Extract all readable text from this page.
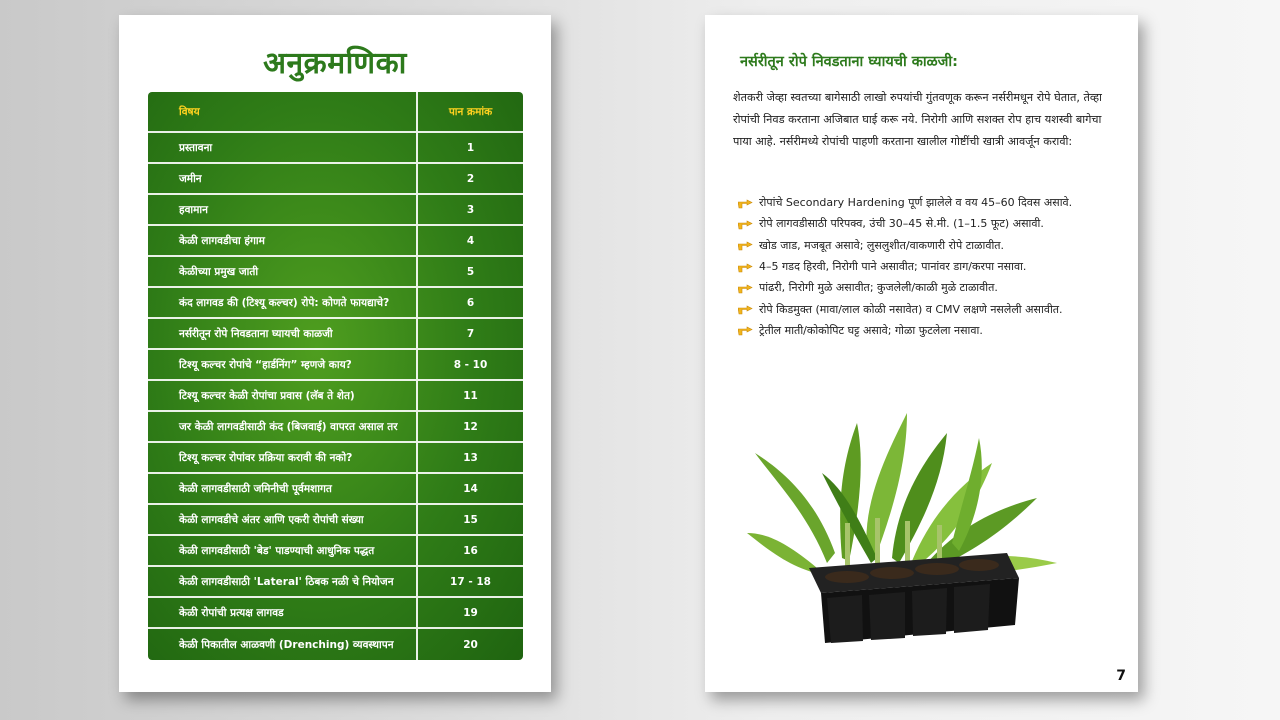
अनुक्रमणिका
विषय	पान क्रमांक
प्रस्तावना	1
जमीन	2
हवामान	3
केळी लागवडीचा हंगाम	4
केळीच्या प्रमुख जाती	5
कंद लागवड की (टिश्यू कल्चर) रोपे: कोणते फायद्याचे?	6
नर्सरीतून रोपे निवडताना घ्यायची काळजी	7
टिश्यू कल्चर रोपांचे “हार्डनिंग” म्हणजे काय?	8 - 10
टिश्यू कल्चर केळी रोपांचा प्रवास (लॅब ते शेत)	11
जर केळी लागवडीसाठी कंद (बिजवाई) वापरत असाल तर	12
टिश्यू कल्चर रोपांवर प्रक्रिया करावी की नको?	13
केळी लागवडीसाठी जमिनीची पूर्वमशागत	14
केळी लागवडीचे अंतर आणि एकरी रोपांची संख्या	15
केळी लागवडीसाठी 'बेड' पाडण्याची आधुनिक पद्धत	16
केळी लागवडीसाठी 'Lateral' ठिबक नळी चे नियोजन	17 - 18
केळी रोपांची प्रत्यक्ष लागवड	19
केळी पिकातील आळवणी (Drenching) व्यवस्थापन	20
नर्सरीतून रोपे निवडताना घ्यायची काळजी:
शेतकरी जेव्हा स्वतच्या बागेसाठी लाखो रुपयांची गुंतवणूक करून नर्सरीमधून रोपे घेतात, तेव्हा रोपांची निवड करताना अजिबात घाई करू नये. निरोगी आणि सशक्त रोप हाच यशस्वी बागेचा पाया आहे. नर्सरीमध्ये रोपांची पाहणी करताना खालील गोष्टींची खात्री आवर्जून करावी:
रोपांचे Secondary Hardening पूर्ण झालेले व वय 45–60 दिवस असावे.
रोपे लागवडीसाठी परिपक्व, उंची 30–45 से.मी. (1–1.5 फूट) असावी.
खोड जाड, मजबूत असावे; लुसलुशीत/वाकणारी रोपे टाळावीत.
4–5 गडद हिरवी, निरोगी पाने असावीत; पानांवर डाग/करपा नसावा.
पांढरी, निरोगी मुळे असावीत; कुजलेली/काळी मुळे टाळावीत.
रोपे किडमुक्त (मावा/लाल कोळी नसावेत) व CMV लक्षणे नसलेली असावीत.
ट्रेतील माती/कोकोपिट घट्ट असावे; गोळा फुटलेला नसावा.
7
